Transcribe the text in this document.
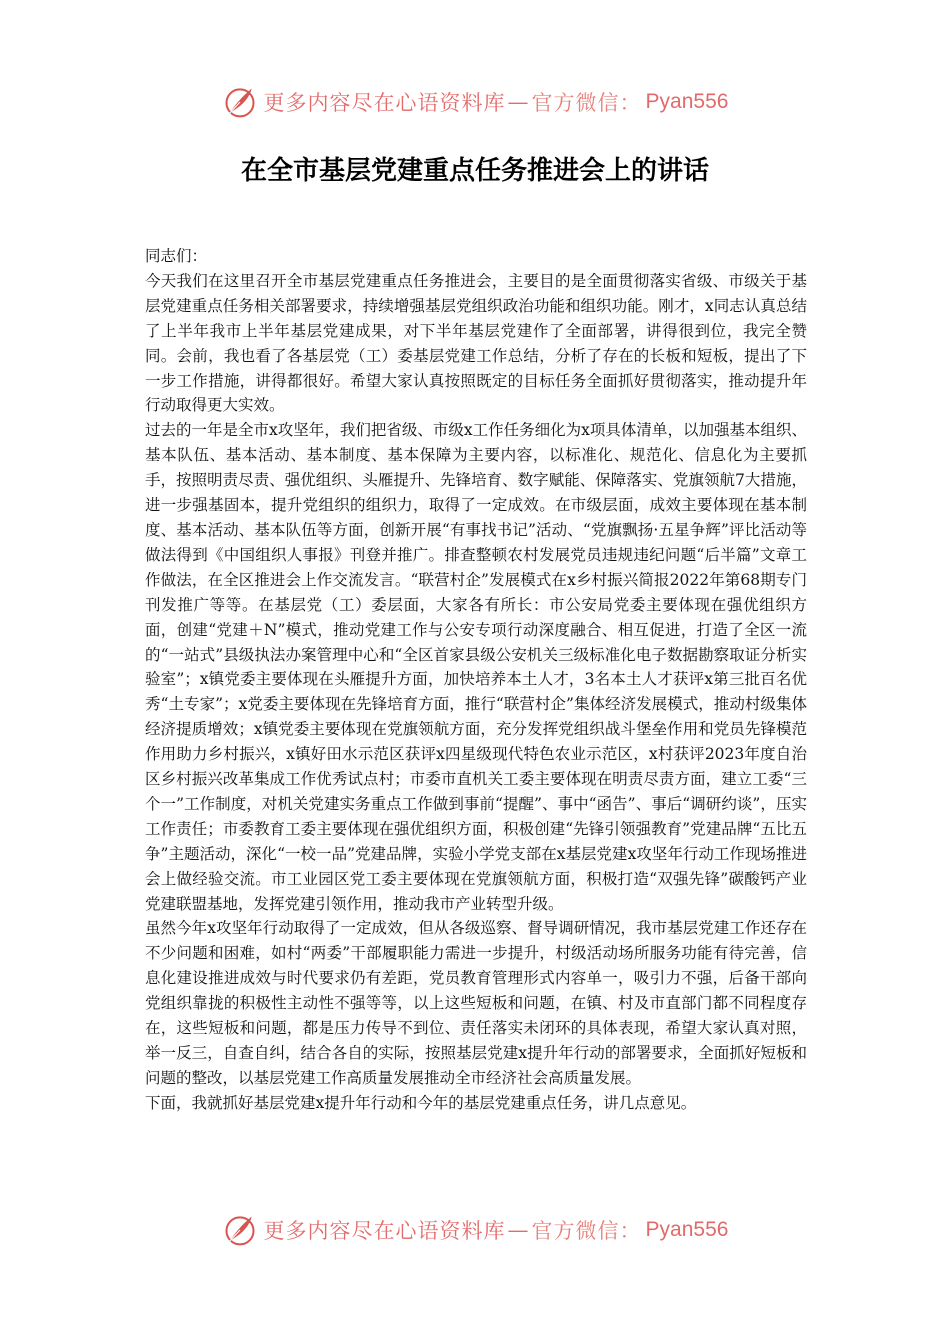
更多内容尽在心语资料库 — 官方微信： Pyan556
在全市基层党建重点任务推进会上的讲话

同志们：

今天我们在这里召开全市基层党建重点任务推进会，主要目的是全面贯彻落实省级、市级关于基层党建重点任务相关部署要求，持续增强基层党组织政治功能和组织功能。刚才，x同志认真总结了上半年我市上半年基层党建成果，对下半年基层党建作了全面部署，讲得很到位，我完全赞同。会前，我也看了各基层党（工）委基层党建工作总结，分析了存在的长板和短板，提出了下一步工作措施，讲得都很好。希望大家认真按照既定的目标任务全面抓好贯彻落实，推动提升年行动取得更大实效。

过去的一年是全市x攻坚年，我们把省级、市级x工作任务细化为x项具体清单，以加强基本组织、基本队伍、基本活动、基本制度、基本保障为主要内容，以标准化、规范化、信息化为主要抓手，按照明责尽责、强优组织、头雁提升、先锋培育、数字赋能、保障落实、党旗领航7大措施，进一步强基固本，提升党组织的组织力，取得了一定成效。在市级层面，成效主要体现在基本制度、基本活动、基本队伍等方面，创新开展“有事找书记”活动、“党旗飘扬·五星争辉”评比活动等做法得到《中国组织人事报》刊登并推广。排查整顿农村发展党员违规违纪问题“后半篇”文章工作做法，在全区推进会上作交流发言。“联营村企”发展模式在x乡村振兴简报2022年第68期专门刊发推广等等。在基层党（工）委层面，大家各有所长：市公安局党委主要体现在强优组织方面，创建“党建＋N”模式，推动党建工作与公安专项行动深度融合、相互促进，打造了全区一流的“一站式”县级执法办案管理中心和“全区首家县级公安机关三级标准化电子数据勘察取证分析实验室”；x镇党委主要体现在头雁提升方面，加快培养本土人才，3名本土人才获评x第三批百名优秀“土专家”；x党委主要体现在先锋培育方面，推行“联营村企”集体经济发展模式，推动村级集体经济提质增效；x镇党委主要体现在党旗领航方面，充分发挥党组织战斗堡垒作用和党员先锋模范作用助力乡村振兴，x镇好田水示范区获评x四星级现代特色农业示范区，x村获评2023年度自治区乡村振兴改革集成工作优秀试点村；市委市直机关工委主要体现在明责尽责方面，建立工委“三个一”工作制度，对机关党建实务重点工作做到事前“提醒”、事中“函告”、事后“调研约谈”，压实工作责任；市委教育工委主要体现在强优组织方面，积极创建“先锋引领强教育”党建品牌“五比五争”主题活动，深化“一校一品”党建品牌，实验小学党支部在x基层党建x攻坚年行动工作现场推进会上做经验交流。市工业园区党工委主要体现在党旗领航方面，积极打造“双强先锋”碳酸钙产业党建联盟基地，发挥党建引领作用，推动我市产业转型升级。

虽然今年x攻坚年行动取得了一定成效，但从各级巡察、督导调研情况，我市基层党建工作还存在不少问题和困难，如村“两委”干部履职能力需进一步提升，村级活动场所服务功能有待完善，信息化建设推进成效与时代要求仍有差距，党员教育管理形式内容单一，吸引力不强，后备干部向党组织靠拢的积极性主动性不强等等，以上这些短板和问题，在镇、村及市直部门都不同程度存在，这些短板和问题，都是压力传导不到位、责任落实未闭环的具体表现，希望大家认真对照，举一反三，自查自纠，结合各自的实际，按照基层党建x提升年行动的部署要求，全面抓好短板和问题的整改，以基层党建工作高质量发展推动全市经济社会高质量发展。

下面，我就抓好基层党建x提升年行动和今年的基层党建重点任务，讲几点意见。

更多内容尽在心语资料库 — 官方微信： Pyan556
